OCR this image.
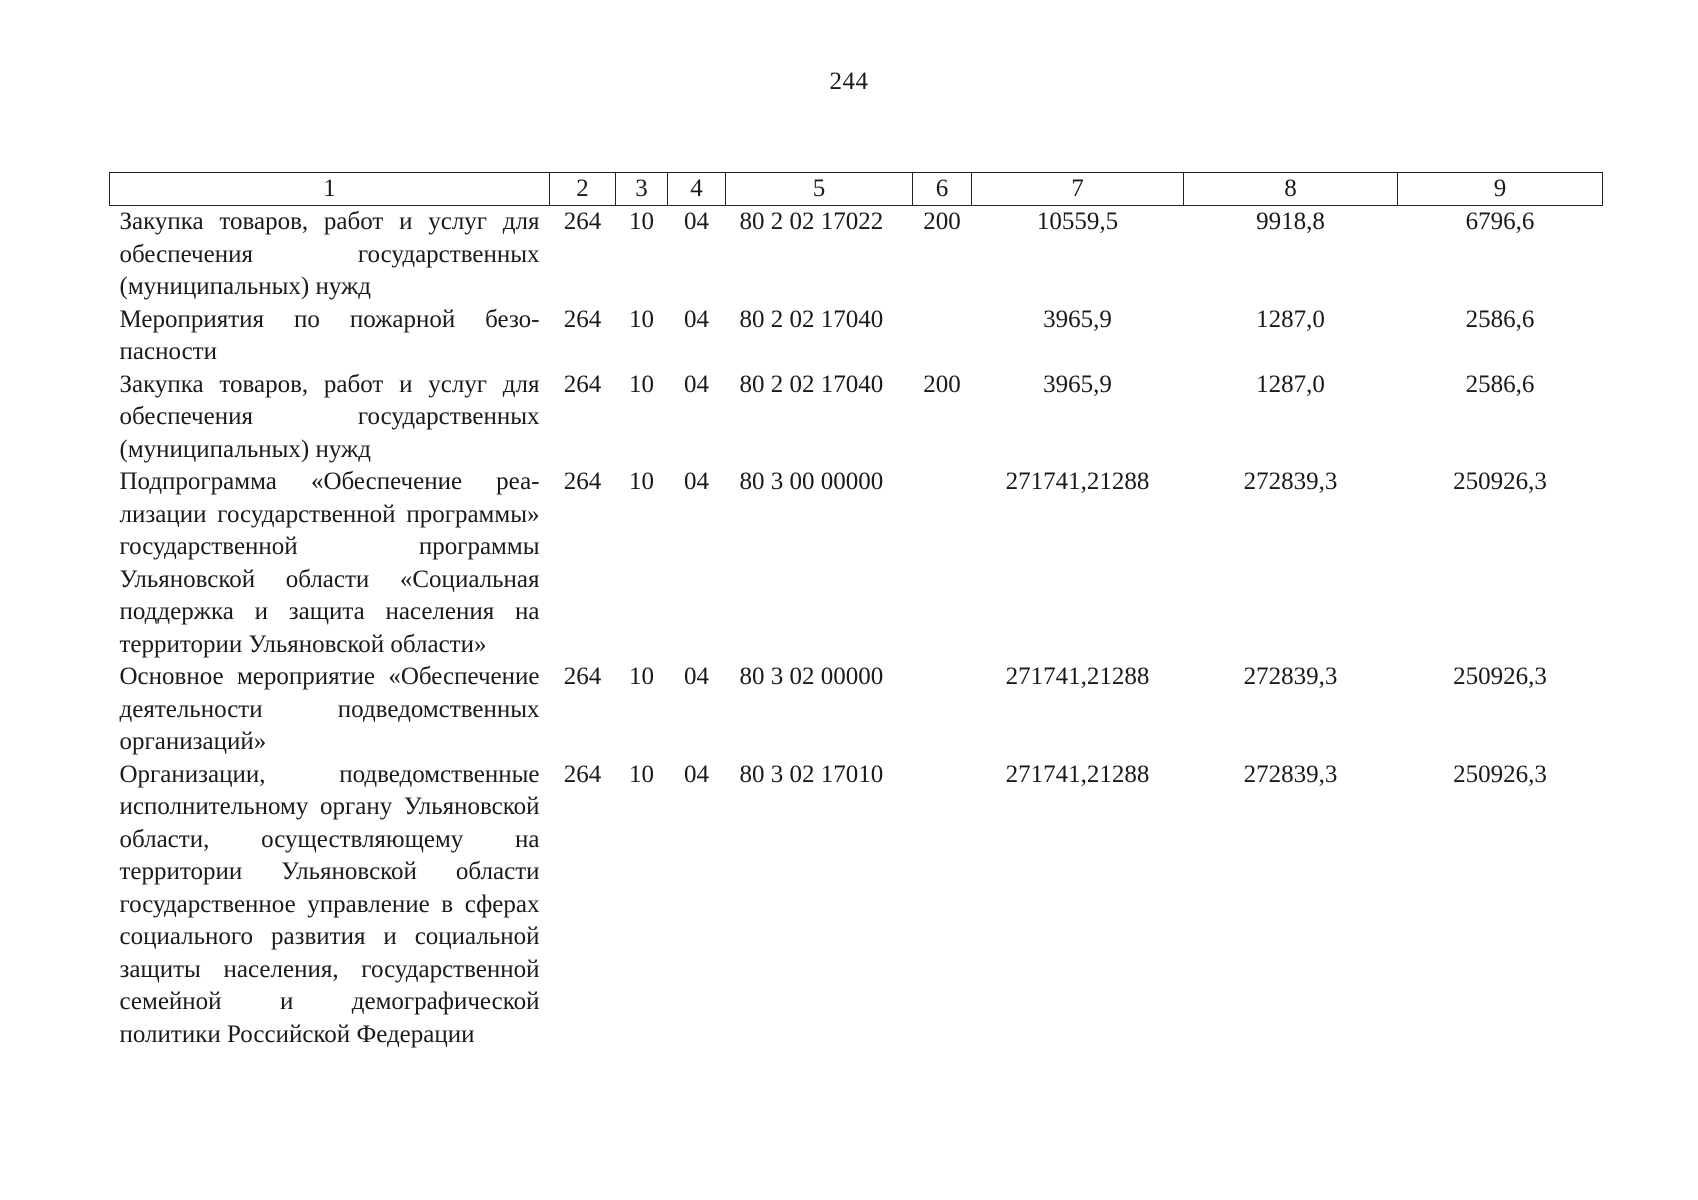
244
1	2	3	4	5	6	7	8	9
Закупка товаров, работ и услуг для обеспечения государственных (муниципальных) нужд	264	10	04	80 2 02 17022	200	10559,5	9918,8	6796,6
Мероприятия по пожарной безопасности	264	10	04	80 2 02 17040		3965,9	1287,0	2586,6
Закупка товаров, работ и услуг для обеспечения государственных (муниципальных) нужд	264	10	04	80 2 02 17040	200	3965,9	1287,0	2586,6
Подпрограмма «Обеспечение реализации государственной программы» государственной программы Ульяновской области «Социальная поддержка и защита населения на территории Ульяновской области»	264	10	04	80 3 00 00000		271741,21288	272839,3	250926,3
Основное мероприятие «Обеспечение деятельности подведомственных организаций»	264	10	04	80 3 02 00000		271741,21288	272839,3	250926,3
Организации, подведомственные исполнительному органу Ульяновской области, осуществляющему на территории Ульяновской области государственное управление в сферах социального развития и социальной защиты населения, государственной семейной и демографической политики Российской Федерации	264	10	04	80 3 02 17010		271741,21288	272839,3	250926,3
